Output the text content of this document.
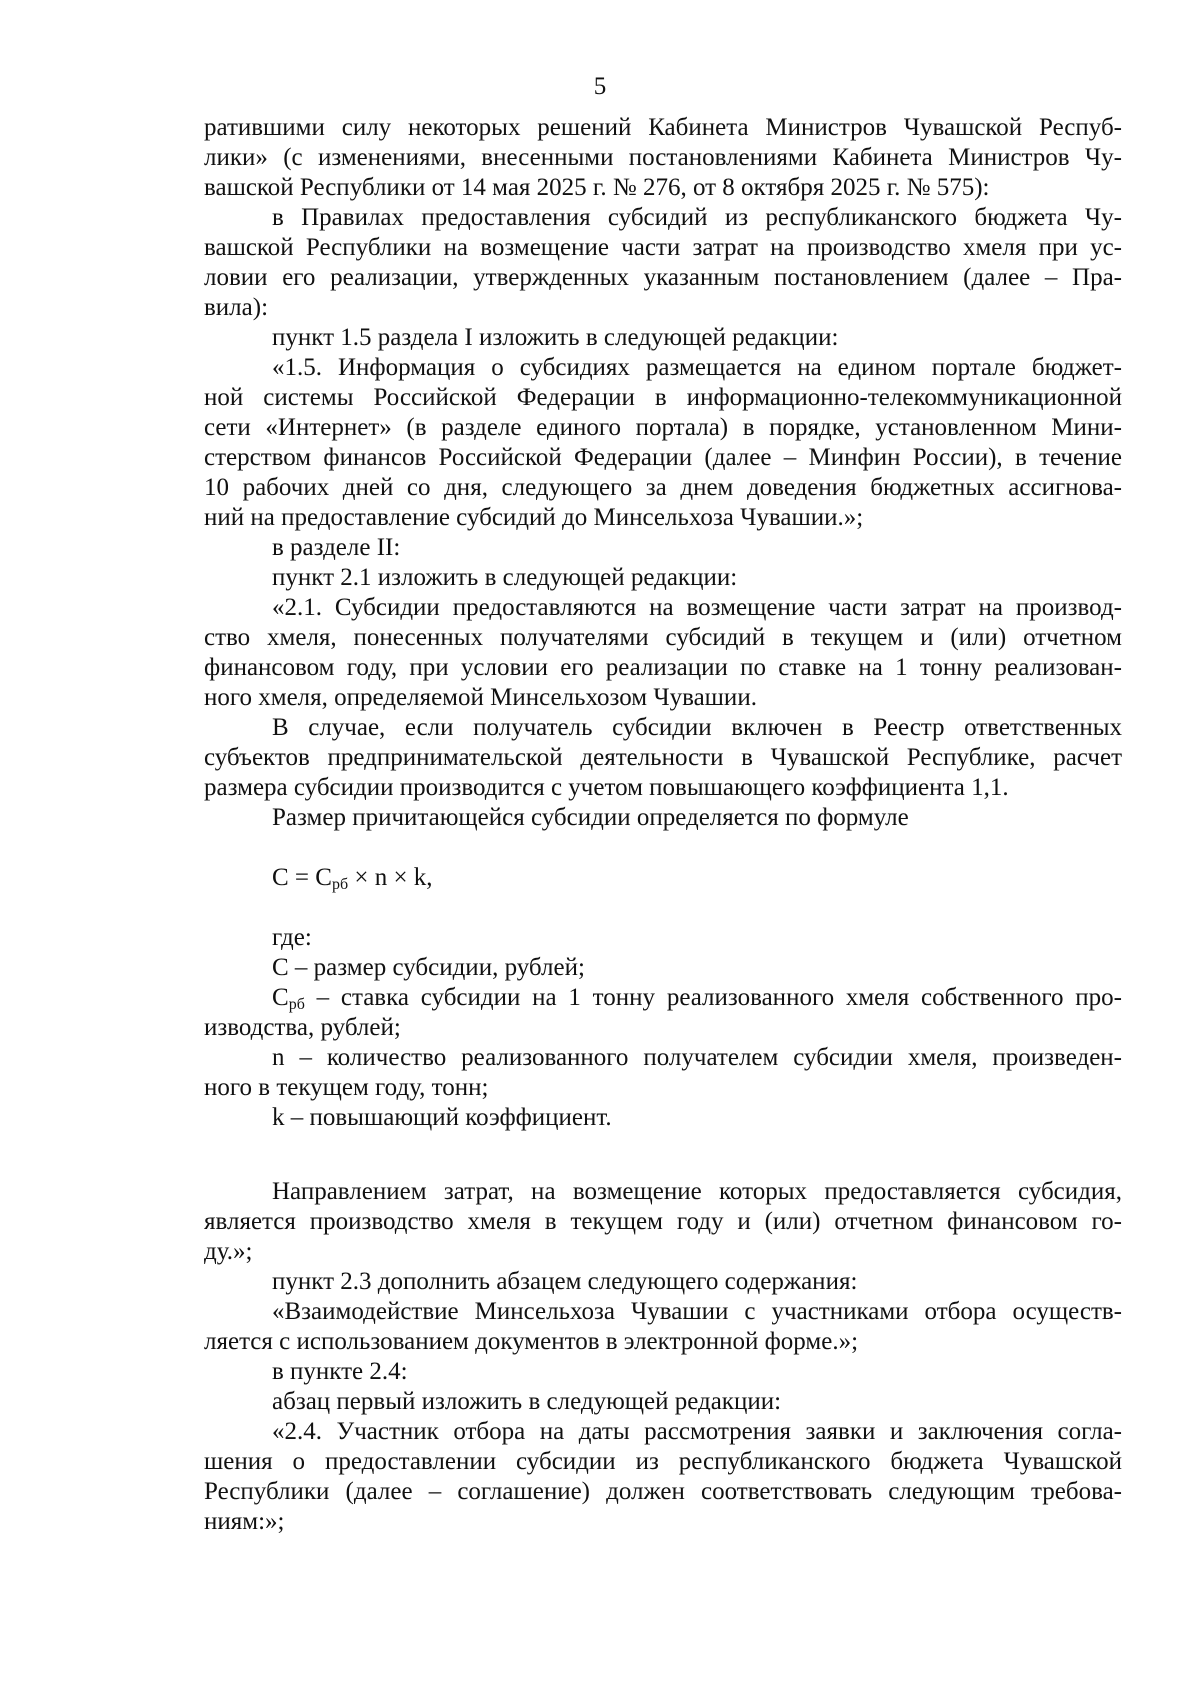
5
ратившими силу некоторых решений Кабинета Министров Чувашской Респуб-
лики» (с изменениями, внесенными постановлениями Кабинета Министров Чу-
вашской Республики от 14 мая 2025 г. № 276, от 8 октября 2025 г. № 575):
в Правилах предоставления субсидий из республиканского бюджета Чу-
вашской Республики на возмещение части затрат на производство хмеля при ус-
ловии его реализации, утвержденных указанным постановлением (далее – Пра-
вила):
пункт 1.5 раздела I изложить в следующей редакции:
«1.5. Информация о субсидиях размещается на едином портале бюджет-
ной системы Российской Федерации в информационно-телекоммуникационной
сети «Интернет» (в разделе единого портала) в порядке, установленном Мини-
стерством финансов Российской Федерации (далее – Минфин России), в течение
10 рабочих дней со дня, следующего за днем доведения бюджетных ассигнова-
ний на предоставление субсидий до Минсельхоза Чувашии.»;
в разделе II:
пункт 2.1 изложить в следующей редакции:
«2.1. Субсидии предоставляются на возмещение части затрат на производ-
ство хмеля, понесенных получателями субсидий в текущем и (или) отчетном
финансовом году, при условии его реализации по ставке на 1 тонну реализован-
ного хмеля, определяемой Минсельхозом Чувашии.
В случае, если получатель субсидии включен в Реестр ответственных
субъектов предпринимательской деятельности в Чувашской Республике, расчет
размера субсидии производится с учетом повышающего коэффициента 1,1.
Размер причитающейся субсидии определяется по формуле
$С = С_{рб} \times n \times k$,
где:
С – размер субсидии, рублей;
$С_{рб}$ – ставка субсидии на 1 тонну реализованного хмеля собственного про-
изводства, рублей;
n – количество реализованного получателем субсидии хмеля, произведен-
ного в текущем году, тонн;
k – повышающий коэффициент.
Направлением затрат, на возмещение которых предоставляется субсидия,
является производство хмеля в текущем году и (или) отчетном финансовом го-
ду.»;
пункт 2.3 дополнить абзацем следующего содержания:
«Взаимодействие Минсельхоза Чувашии с участниками отбора осуществ-
ляется с использованием документов в электронной форме.»;
в пункте 2.4:
абзац первый изложить в следующей редакции:
«2.4. Участник отбора на даты рассмотрения заявки и заключения согла-
шения о предоставлении субсидии из республиканского бюджета Чувашской
Республики (далее – соглашение) должен соответствовать следующим требова-
ниям:»;
